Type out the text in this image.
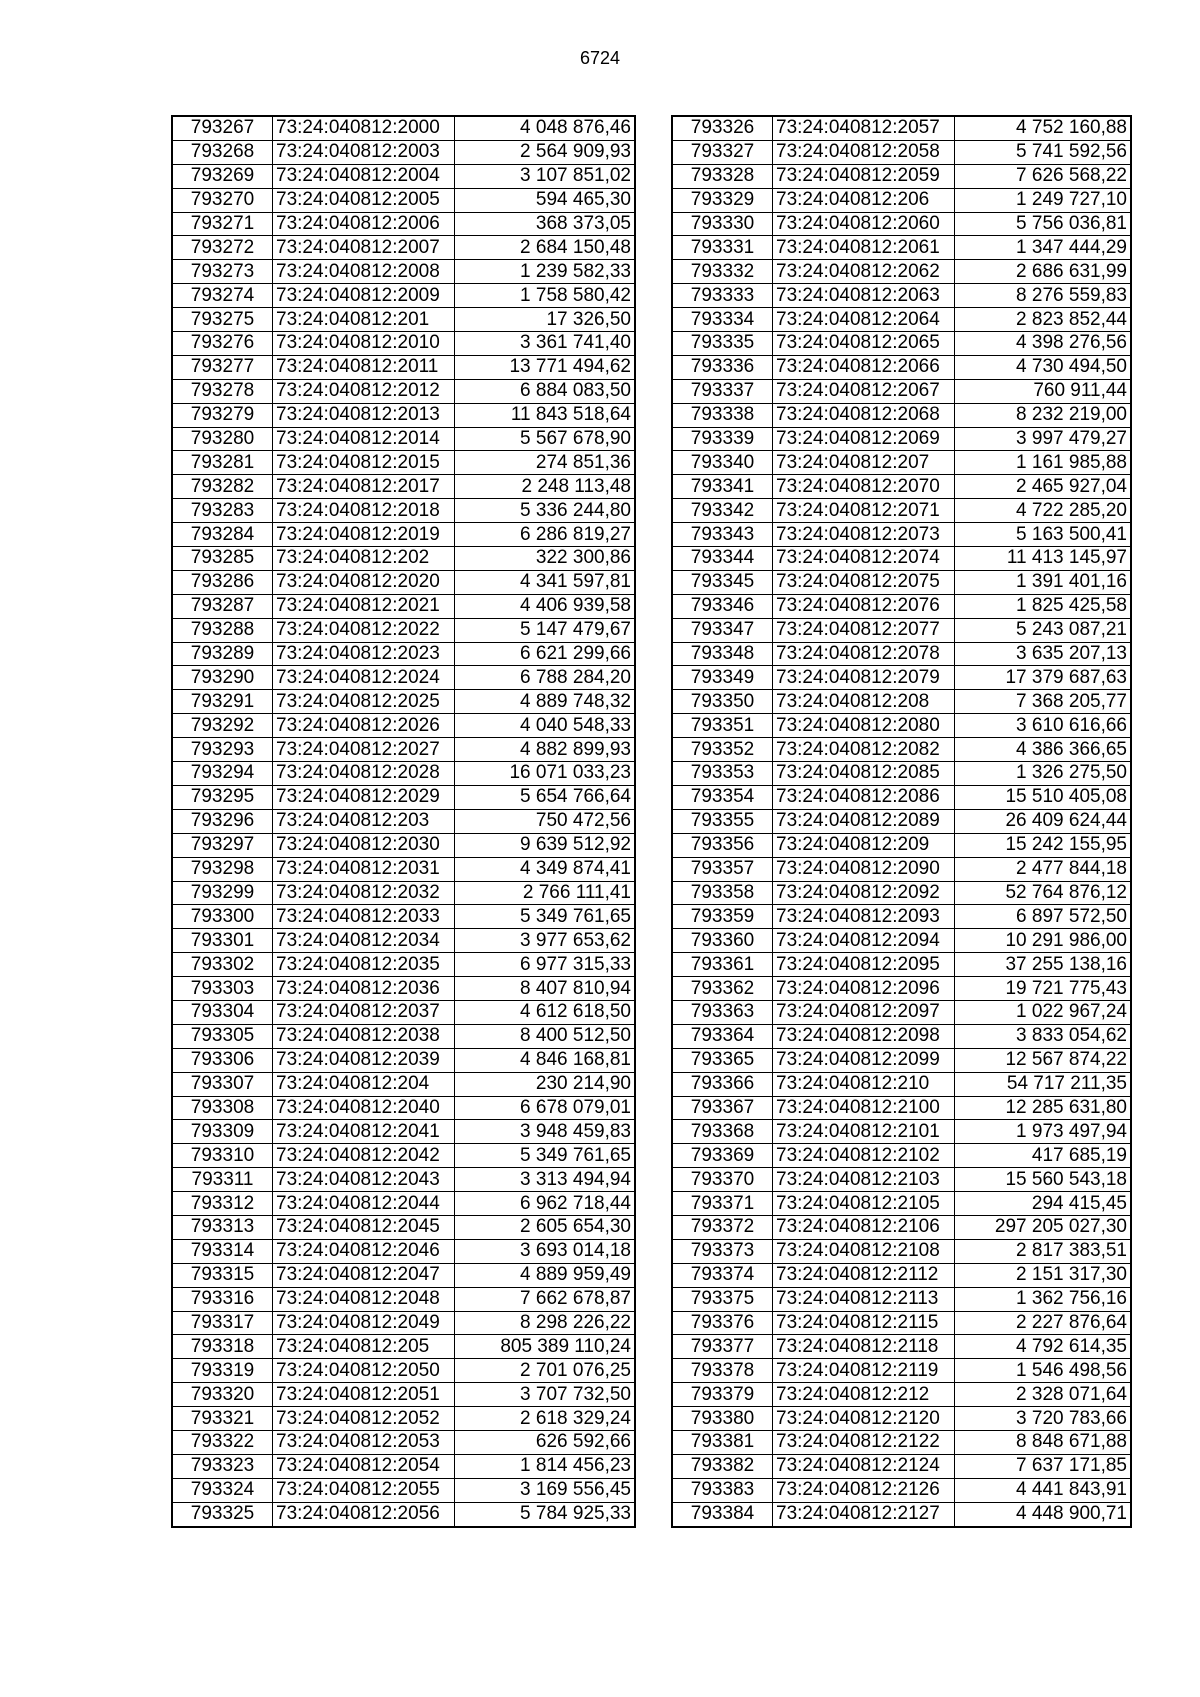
6724
793267	73:24:040812:2000	4 048 876,46
793268	73:24:040812:2003	2 564 909,93
793269	73:24:040812:2004	3 107 851,02
793270	73:24:040812:2005	594 465,30
793271	73:24:040812:2006	368 373,05
793272	73:24:040812:2007	2 684 150,48
793273	73:24:040812:2008	1 239 582,33
793274	73:24:040812:2009	1 758 580,42
793275	73:24:040812:201	17 326,50
793276	73:24:040812:2010	3 361 741,40
793277	73:24:040812:2011	13 771 494,62
793278	73:24:040812:2012	6 884 083,50
793279	73:24:040812:2013	11 843 518,64
793280	73:24:040812:2014	5 567 678,90
793281	73:24:040812:2015	274 851,36
793282	73:24:040812:2017	2 248 113,48
793283	73:24:040812:2018	5 336 244,80
793284	73:24:040812:2019	6 286 819,27
793285	73:24:040812:202	322 300,86
793286	73:24:040812:2020	4 341 597,81
793287	73:24:040812:2021	4 406 939,58
793288	73:24:040812:2022	5 147 479,67
793289	73:24:040812:2023	6 621 299,66
793290	73:24:040812:2024	6 788 284,20
793291	73:24:040812:2025	4 889 748,32
793292	73:24:040812:2026	4 040 548,33
793293	73:24:040812:2027	4 882 899,93
793294	73:24:040812:2028	16 071 033,23
793295	73:24:040812:2029	5 654 766,64
793296	73:24:040812:203	750 472,56
793297	73:24:040812:2030	9 639 512,92
793298	73:24:040812:2031	4 349 874,41
793299	73:24:040812:2032	2 766 111,41
793300	73:24:040812:2033	5 349 761,65
793301	73:24:040812:2034	3 977 653,62
793302	73:24:040812:2035	6 977 315,33
793303	73:24:040812:2036	8 407 810,94
793304	73:24:040812:2037	4 612 618,50
793305	73:24:040812:2038	8 400 512,50
793306	73:24:040812:2039	4 846 168,81
793307	73:24:040812:204	230 214,90
793308	73:24:040812:2040	6 678 079,01
793309	73:24:040812:2041	3 948 459,83
793310	73:24:040812:2042	5 349 761,65
793311	73:24:040812:2043	3 313 494,94
793312	73:24:040812:2044	6 962 718,44
793313	73:24:040812:2045	2 605 654,30
793314	73:24:040812:2046	3 693 014,18
793315	73:24:040812:2047	4 889 959,49
793316	73:24:040812:2048	7 662 678,87
793317	73:24:040812:2049	8 298 226,22
793318	73:24:040812:205	805 389 110,24
793319	73:24:040812:2050	2 701 076,25
793320	73:24:040812:2051	3 707 732,50
793321	73:24:040812:2052	2 618 329,24
793322	73:24:040812:2053	626 592,66
793323	73:24:040812:2054	1 814 456,23
793324	73:24:040812:2055	3 169 556,45
793325	73:24:040812:2056	5 784 925,33
793326	73:24:040812:2057	4 752 160,88
793327	73:24:040812:2058	5 741 592,56
793328	73:24:040812:2059	7 626 568,22
793329	73:24:040812:206	1 249 727,10
793330	73:24:040812:2060	5 756 036,81
793331	73:24:040812:2061	1 347 444,29
793332	73:24:040812:2062	2 686 631,99
793333	73:24:040812:2063	8 276 559,83
793334	73:24:040812:2064	2 823 852,44
793335	73:24:040812:2065	4 398 276,56
793336	73:24:040812:2066	4 730 494,50
793337	73:24:040812:2067	760 911,44
793338	73:24:040812:2068	8 232 219,00
793339	73:24:040812:2069	3 997 479,27
793340	73:24:040812:207	1 161 985,88
793341	73:24:040812:2070	2 465 927,04
793342	73:24:040812:2071	4 722 285,20
793343	73:24:040812:2073	5 163 500,41
793344	73:24:040812:2074	11 413 145,97
793345	73:24:040812:2075	1 391 401,16
793346	73:24:040812:2076	1 825 425,58
793347	73:24:040812:2077	5 243 087,21
793348	73:24:040812:2078	3 635 207,13
793349	73:24:040812:2079	17 379 687,63
793350	73:24:040812:208	7 368 205,77
793351	73:24:040812:2080	3 610 616,66
793352	73:24:040812:2082	4 386 366,65
793353	73:24:040812:2085	1 326 275,50
793354	73:24:040812:2086	15 510 405,08
793355	73:24:040812:2089	26 409 624,44
793356	73:24:040812:209	15 242 155,95
793357	73:24:040812:2090	2 477 844,18
793358	73:24:040812:2092	52 764 876,12
793359	73:24:040812:2093	6 897 572,50
793360	73:24:040812:2094	10 291 986,00
793361	73:24:040812:2095	37 255 138,16
793362	73:24:040812:2096	19 721 775,43
793363	73:24:040812:2097	1 022 967,24
793364	73:24:040812:2098	3 833 054,62
793365	73:24:040812:2099	12 567 874,22
793366	73:24:040812:210	54 717 211,35
793367	73:24:040812:2100	12 285 631,80
793368	73:24:040812:2101	1 973 497,94
793369	73:24:040812:2102	417 685,19
793370	73:24:040812:2103	15 560 543,18
793371	73:24:040812:2105	294 415,45
793372	73:24:040812:2106	297 205 027,30
793373	73:24:040812:2108	2 817 383,51
793374	73:24:040812:2112	2 151 317,30
793375	73:24:040812:2113	1 362 756,16
793376	73:24:040812:2115	2 227 876,64
793377	73:24:040812:2118	4 792 614,35
793378	73:24:040812:2119	1 546 498,56
793379	73:24:040812:212	2 328 071,64
793380	73:24:040812:2120	3 720 783,66
793381	73:24:040812:2122	8 848 671,88
793382	73:24:040812:2124	7 637 171,85
793383	73:24:040812:2126	4 441 843,91
793384	73:24:040812:2127	4 448 900,71
